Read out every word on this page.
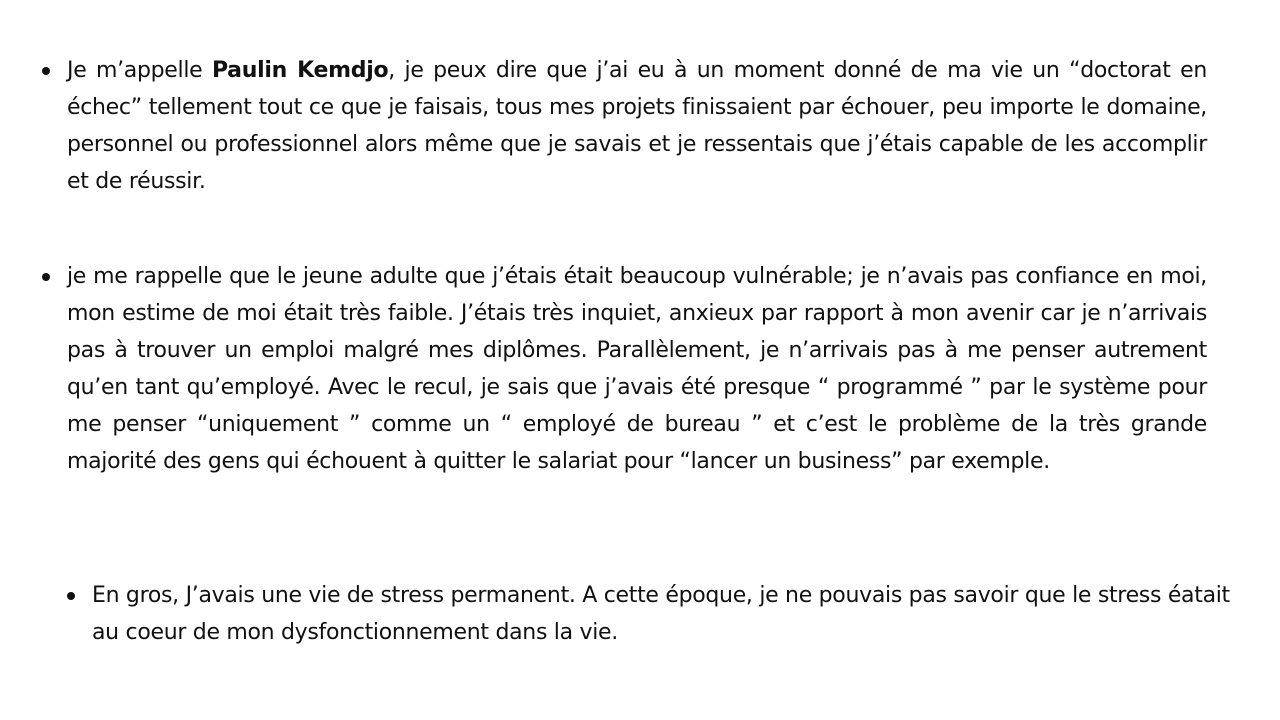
Je m’appelle Paulin Kemdjo, je peux dire que j’ai eu à un moment donné de ma vie un “doctorat en échec” tellement tout ce que je faisais, tous mes projets finissaient par échouer, peu importe le domaine, personnel ou professionnel alors même que je savais et je ressentais que j’étais capable de les accomplir et de réussir.
je me rappelle que le jeune adulte que j’étais était beaucoup vulnérable; je n’avais pas confiance en moi, mon estime de moi était très faible. J’étais très inquiet, anxieux par rapport à mon avenir car je n’arrivais pas à trouver un emploi malgré mes diplômes. Parallèlement, je n’arrivais pas à me penser autrement qu’en tant qu’employé. Avec le recul, je sais que j’avais été presque “ programmé ” par le système pour me penser “uniquement ” comme un “ employé de bureau ” et c’est le problème de la très grande majorité des gens qui échouent à quitter le salariat pour “lancer un business” par exemple.
En gros, J’avais une vie de stress permanent. A cette époque, je ne pouvais pas savoir que le stress éatait au coeur de mon dysfonctionnement dans la vie.
